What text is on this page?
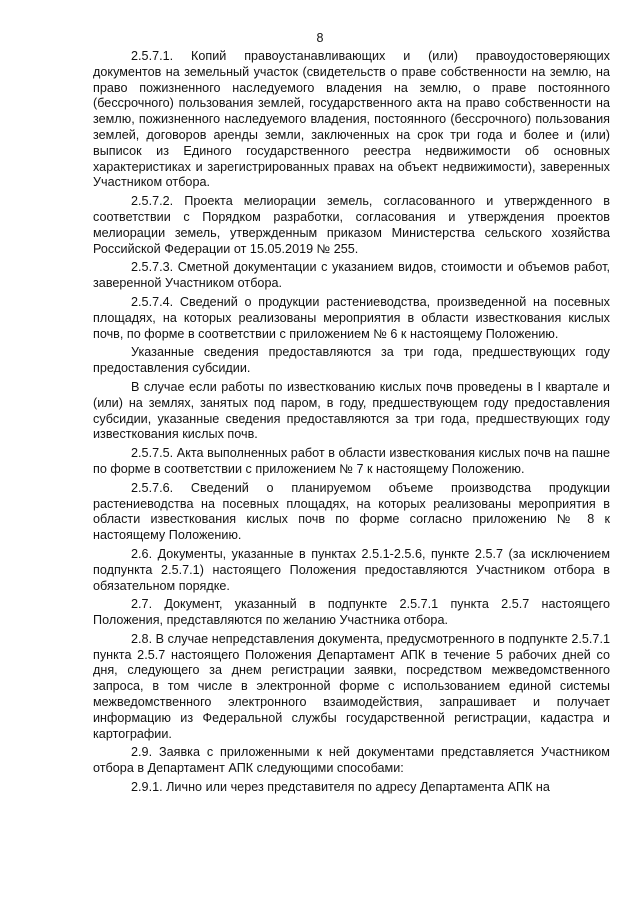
8

2.5.7.1. Копий правоустанавливающих и (или) правоудостоверяющих документов на земельный участок (свидетельств о праве собственности на землю, на право пожизненного наследуемого владения на землю, о праве постоянного (бессрочного) пользования землей, государственного акта на право собственности на землю, пожизненного наследуемого владения, постоянного (бессрочного) пользования землей, договоров аренды земли, заключенных на срок три года и более и (или) выписок из Единого государственного реестра недвижимости об основных характеристиках и зарегистрированных правах на объект недвижимости), заверенных Участником отбора.

2.5.7.2. Проекта мелиорации земель, согласованного и утвержденного в соответствии с Порядком разработки, согласования и утверждения проектов мелиорации земель, утвержденным приказом Министерства сельского хозяйства Российской Федерации от 15.05.2019 № 255.

2.5.7.3. Сметной документации с указанием видов, стоимости и объемов работ, заверенной Участником отбора.

2.5.7.4. Сведений о продукции растениеводства, произведенной на посевных площадях, на которых реализованы мероприятия в области известкования кислых почв, по форме в соответствии с приложением № 6 к настоящему Положению.

Указанные сведения предоставляются за три года, предшествующих году предоставления субсидии.

В случае если работы по известкованию кислых почв проведены в I квартале и (или) на землях, занятых под паром, в году, предшествующем году предоставления субсидии, указанные сведения предоставляются за три года, предшествующих году известкования кислых почв.

2.5.7.5. Акта выполненных работ в области известкования кислых почв на пашне по форме в соответствии с приложением № 7 к настоящему Положению.

2.5.7.6. Сведений о планируемом объеме производства продукции растениеводства на посевных площадях, на которых реализованы мероприятия в области известкования кислых почв по форме согласно приложению № 8 к настоящему Положению.

2.6. Документы, указанные в пунктах 2.5.1-2.5.6, пункте 2.5.7 (за исключением подпункта 2.5.7.1) настоящего Положения предоставляются Участником отбора в обязательном порядке.

2.7. Документ, указанный в подпункте 2.5.7.1 пункта 2.5.7 настоящего Положения, представляются по желанию Участника отбора.

2.8. В случае непредставления документа, предусмотренного в подпункте 2.5.7.1 пункта 2.5.7 настоящего Положения Департамент АПК в течение 5 рабочих дней со дня, следующего за днем регистрации заявки, посредством межведомственного запроса, в том числе в электронной форме с использованием единой системы межведомственного электронного взаимодействия, запрашивает и получает информацию из Федеральной службы государственной регистрации, кадастра и картографии.

2.9. Заявка с приложенными к ней документами представляется Участником отбора в Департамент АПК следующими способами:

2.9.1. Лично или через представителя по адресу Департамента АПК на
